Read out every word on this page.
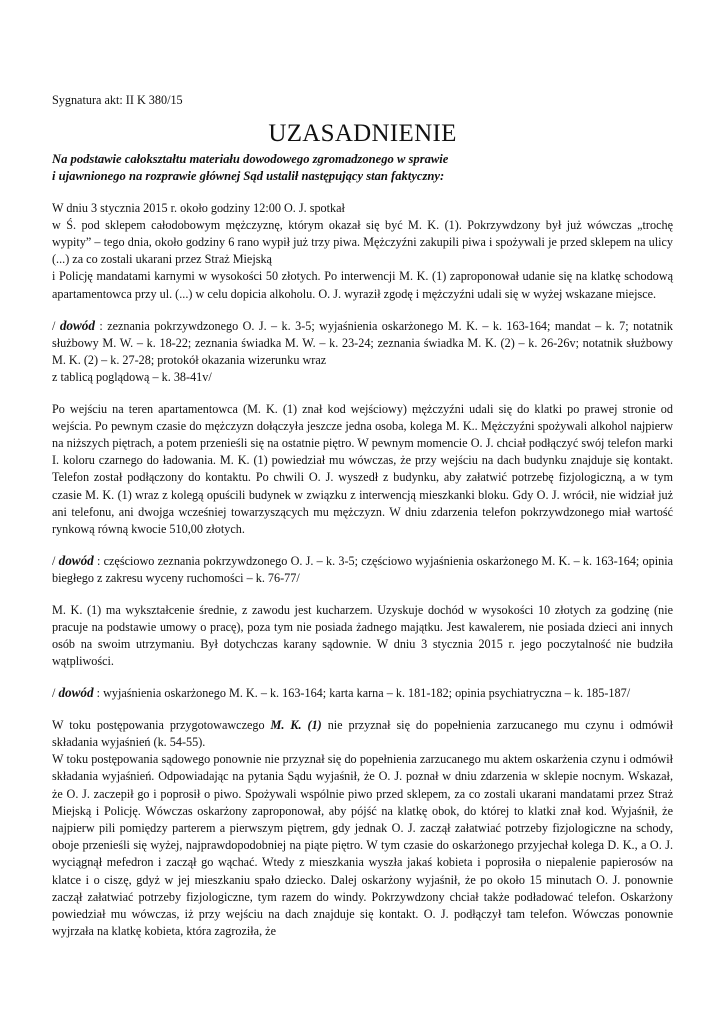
Sygnatura akt: II K 380/15

UZASADNIENIE
Na podstawie całokształtu materiału dowodowego zgromadzonego w sprawie
i ujawnionego na rozprawie głównej Sąd ustalił następujący stan faktyczny:

W dniu 3 stycznia 2015 r. około godziny 12:00 O. J. spotkał

w Ś. pod sklepem całodobowym mężczyznę, którym okazał się być M. K. (1). Pokrzywdzony był już wówczas „trochę wypity” – tego dnia, około godziny 6 rano wypił już trzy piwa. Mężczyźni zakupili piwa i spożywali je przed sklepem na ulicy (...) za co zostali ukarani przez Straż Miejską

i Policję mandatami karnymi w wysokości 50 złotych. Po interwencji M. K. (1) zaproponował udanie się na klatkę schodową apartamentowca przy ul. (...) w celu dopicia alkoholu. O. J. wyraził zgodę i mężczyźni udali się w wyżej wskazane miejsce.

/ dowód : zeznania pokrzywdzonego O. J. – k. 3-5; wyjaśnienia oskarżonego M. K. – k. 163-164; mandat – k. 7; notatnik służbowy M. W. – k. 18-22; zeznania świadka M. W. – k. 23-24; zeznania świadka M. K. (2) – k. 26-26v; notatnik służbowy M. K. (2) – k. 27-28; protokół okazania wizerunku wraz

z tablicą poglądową – k. 38-41v/

Po wejściu na teren apartamentowca (M. K. (1) znał kod wejściowy) mężczyźni udali się do klatki po prawej stronie od wejścia. Po pewnym czasie do mężczyzn dołączyła jeszcze jedna osoba, kolega M. K.. Mężczyźni spożywali alkohol najpierw na niższych piętrach, a potem przenieśli się na ostatnie piętro. W pewnym momencie O. J. chciał podłączyć swój telefon marki I. koloru czarnego do ładowania. M. K. (1) powiedział mu wówczas, że przy wejściu na dach budynku znajduje się kontakt. Telefon został podłączony do kontaktu. Po chwili O. J. wyszedł z budynku, aby załatwić potrzebę fizjologiczną, a w tym czasie M. K. (1) wraz z kolegą opuścili budynek w związku z interwencją mieszkanki bloku. Gdy O. J. wrócił, nie widział już ani telefonu, ani dwojga wcześniej towarzyszących mu mężczyzn. W dniu zdarzenia telefon pokrzywdzonego miał wartość rynkową równą kwocie 510,00 złotych.

/ dowód : częściowo zeznania pokrzywdzonego O. J. – k. 3-5; częściowo wyjaśnienia oskarżonego M. K. – k. 163-164; opinia biegłego z zakresu wyceny ruchomości – k. 76-77/

M. K. (1) ma wykształcenie średnie, z zawodu jest kucharzem. Uzyskuje dochód w wysokości 10 złotych za godzinę (nie pracuje na podstawie umowy o pracę), poza tym nie posiada żadnego majątku. Jest kawalerem, nie posiada dzieci ani innych osób na swoim utrzymaniu. Był dotychczas karany sądownie. W dniu 3 stycznia 2015 r. jego poczytalność nie budziła wątpliwości.

/ dowód : wyjaśnienia oskarżonego M. K. – k. 163-164; karta karna – k. 181-182; opinia psychiatryczna – k. 185-187/

W toku postępowania przygotowawczego M. K. (1) nie przyznał się do popełnienia zarzucanego mu czynu i odmówił składania wyjaśnień (k. 54-55).

W toku postępowania sądowego ponownie nie przyznał się do popełnienia zarzucanego mu aktem oskarżenia czynu i odmówił składania wyjaśnień. Odpowiadając na pytania Sądu wyjaśnił, że O. J. poznał w dniu zdarzenia w sklepie nocnym. Wskazał, że O. J. zaczepił go i poprosił o piwo. Spożywali wspólnie piwo przed sklepem, za co zostali ukarani mandatami przez Straż Miejską i Policję. Wówczas oskarżony zaproponował, aby pójść na klatkę obok, do której to klatki znał kod. Wyjaśnił, że najpierw pili pomiędzy parterem a pierwszym piętrem, gdy jednak O. J. zaczął załatwiać potrzeby fizjologiczne na schody, oboje przenieśli się wyżej, najprawdopodobniej na piąte piętro. W tym czasie do oskarżonego przyjechał kolega D. K., a O. J. wyciągnął mefedron i zaczął go wąchać. Wtedy z mieszkania wyszła jakaś kobieta i poprosiła o niepalenie papierosów na klatce i o ciszę, gdyż w jej mieszkaniu spało dziecko. Dalej oskarżony wyjaśnił, że po około 15 minutach O. J. ponownie zaczął załatwiać potrzeby fizjologiczne, tym razem do windy. Pokrzywdzony chciał także podładować telefon. Oskarżony powiedział mu wówczas, iż przy wejściu na dach znajduje się kontakt. O. J. podłączył tam telefon. Wówczas ponownie wyjrzała na klatkę kobieta, która zagroziła, że
